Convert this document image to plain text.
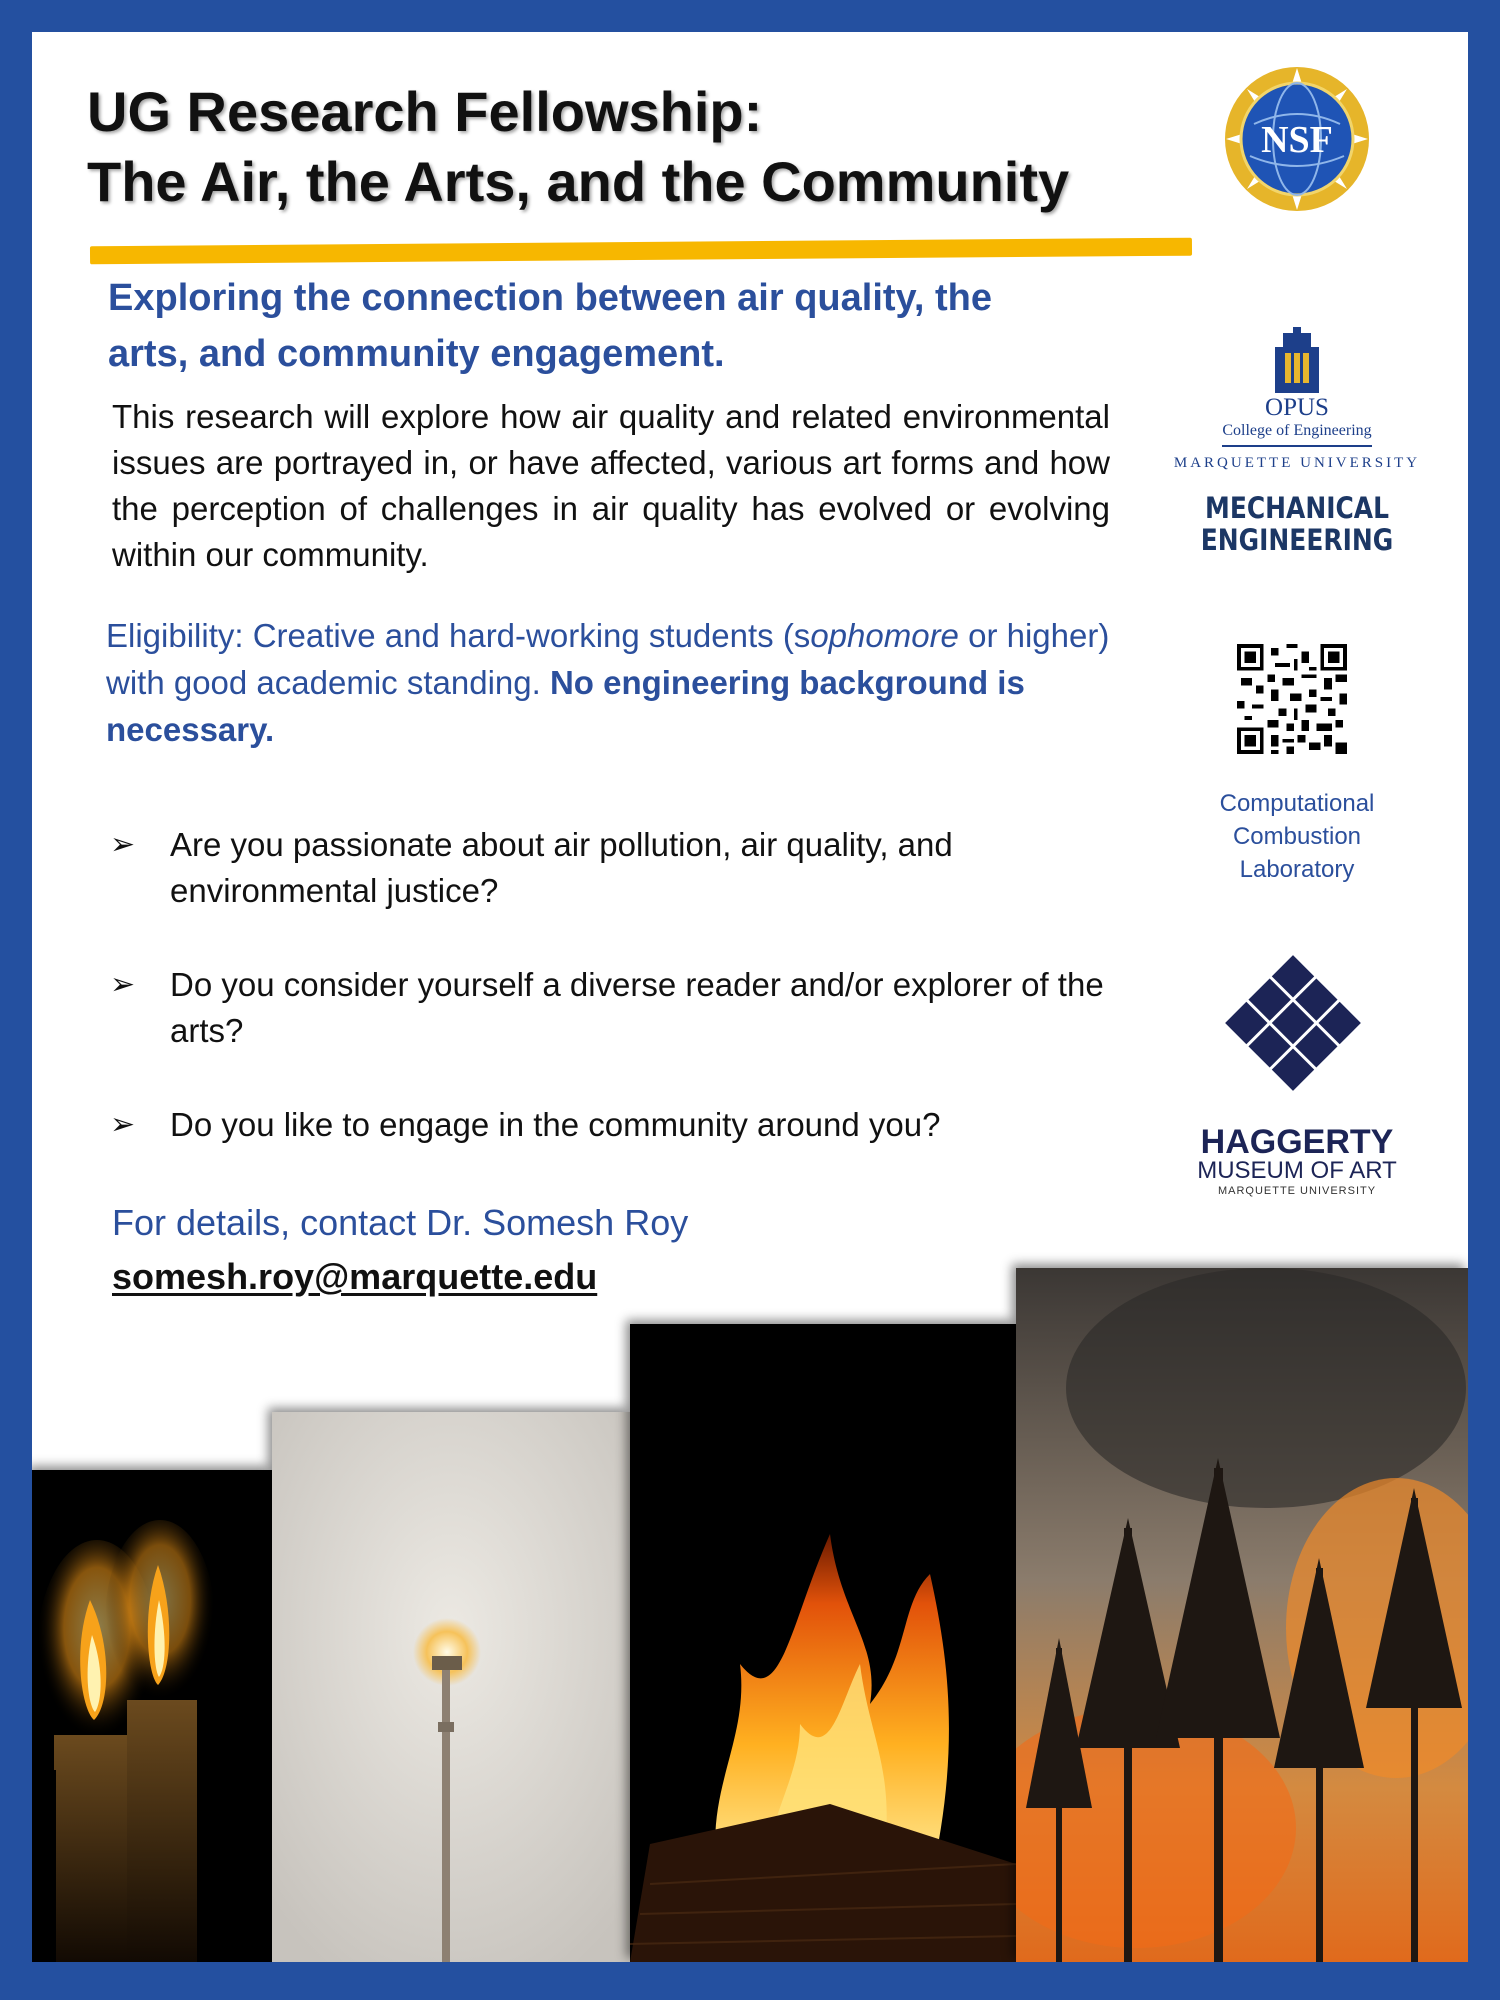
UG Research Fellowship:
The Air, the Arts, and the Community
Exploring the connection between air quality, the
arts, and community engagement.

This research will explore how air quality and related environmental issues are portrayed in, or have affected, various art forms and how the perception of challenges in air quality has evolved or evolving within our community.

Eligibility: Creative and hard-working students (sophomore or higher) with good academic standing. No engineering background is necessary.

➢ Are you passionate about air pollution, air quality, and environmental justice?
➢ Do you consider yourself a diverse reader and/or explorer of the arts?
➢ Do you like to engage in the community around you?

For details, contact Dr. Somesh Roy

somesh.roy@marquette.edu
NSF
OPUS
College of Engineering
MARQUETTE UNIVERSITY
MECHANICAL
ENGINEERING
Computational
Combustion
Laboratory
HAGGERTY
MUSEUM OF ART
MARQUETTE UNIVERSITY
